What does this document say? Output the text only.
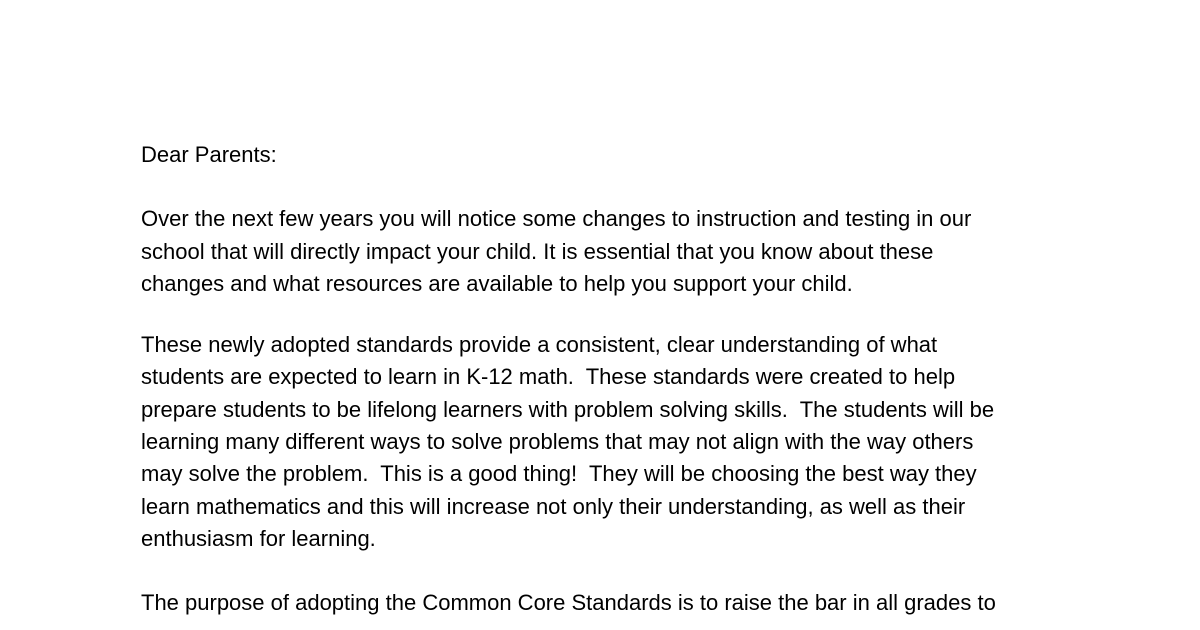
Dear Parents:
Over the next few years you will notice some changes to instruction and testing in our
school that will directly impact your child. It is essential that you know about these
changes and what resources are available to help you support your child.
These newly adopted standards provide a consistent, clear understanding of what
students are expected to learn in K-12 math.  These standards were created to help
prepare students to be lifelong learners with problem solving skills.  The students will be
learning many different ways to solve problems that may not align with the way others
may solve the problem.  This is a good thing!  They will be choosing the best way they
learn mathematics and this will increase not only their understanding, as well as their
enthusiasm for learning.
The purpose of adopting the Common Core Standards is to raise the bar in all grades to
